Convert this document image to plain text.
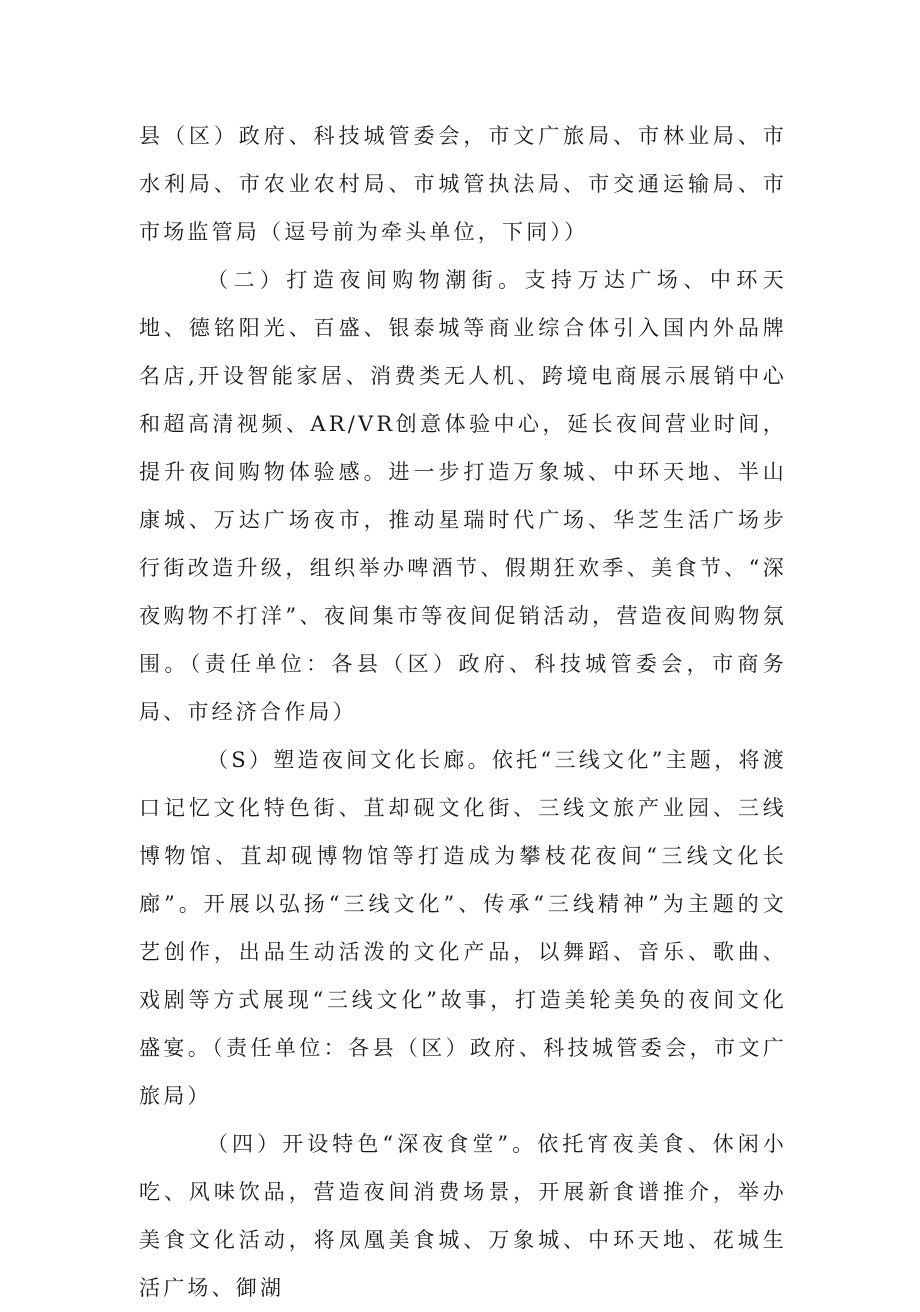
县（区）政府、科技城管委会，市文广旅局、市林业局、市水利局、市农业农村局、市城管执法局、市交通运输局、市市场监管局（逗号前为牵头单位，下同））

（二）打造夜间购物潮街。支持万达广场、中环天地、德铭阳光、百盛、银泰城等商业综合体引入国内外品牌名店,开设智能家居、消费类无人机、跨境电商展示展销中心和超高清视频、AR/VR创意体验中心，延长夜间营业时间，提升夜间购物体验感。进一步打造万象城、中环天地、半山康城、万达广场夜市，推动星瑞时代广场、华芝生活广场步行街改造升级，组织举办啤酒节、假期狂欢季、美食节、“深夜购物不打洋”、夜间集市等夜间促销活动，营造夜间购物氛围。（责任单位：各县（区）政府、科技城管委会，市商务局、市经济合作局）

（S）塑造夜间文化长廊。依托“三线文化”主题，将渡口记忆文化特色街、苴却砚文化街、三线文旅产业园、三线博物馆、苴却砚博物馆等打造成为攀枝花夜间“三线文化长廊”。开展以弘扬“三线文化”、传承“三线精神”为主题的文艺创作，出品生动活泼的文化产品，以舞蹈、音乐、歌曲、戏剧等方式展现“三线文化”故事，打造美轮美奂的夜间文化盛宴。（责任单位：各县（区）政府、科技城管委会，市文广旅局）

（四）开设特色“深夜食堂”。依托宵夜美食、休闲小吃、风味饮品，营造夜间消费场景，开展新食谱推介，举办美食文化活动，将凤凰美食城、万象城、中环天地、花城生活广场、御湖
